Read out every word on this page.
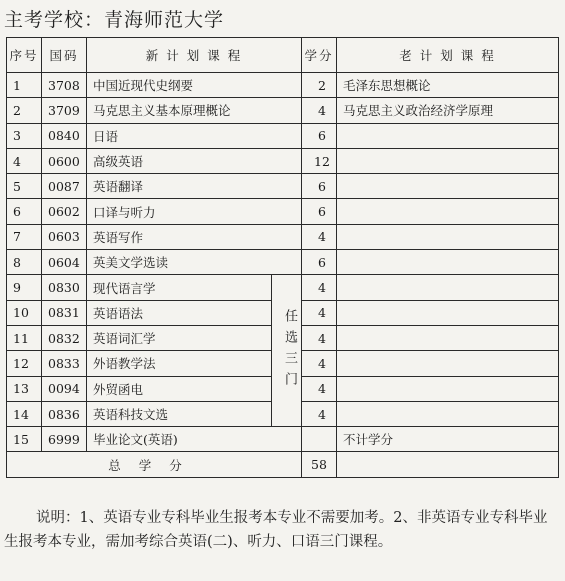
主考学校：青海师范大学
序号	国码	新 计 划 课 程		学分	老 计 划 课 程
1	3708	中国近现代史纲要		2	毛泽东思想概论
2	3709	马克思主义基本原理概论		4	马克思主义政治经济学原理
3	0840	日语		6	
4	0600	高级英语		12	
5	0087	英语翻译		6	
6	0602	口译与听力		6	
7	0603	英语写作		4	
8	0604	英美文学选读		6	
9	0830	现代语言学	任选三门	4	
10	0831	英语语法		4	
11	0832	英语词汇学		4	
12	0833	外语教学法		4	
13	0094	外贸函电		4	
14	0836	英语科技文选		4	
15	6999	毕业论文(英语)			不计学分
总学分				58	

说明：1、英语专业专科毕业生报考本专业不需要加考。2、非英语专业专科毕业生报考本专业，需加考综合英语(二)、听力、口语三门课程。
